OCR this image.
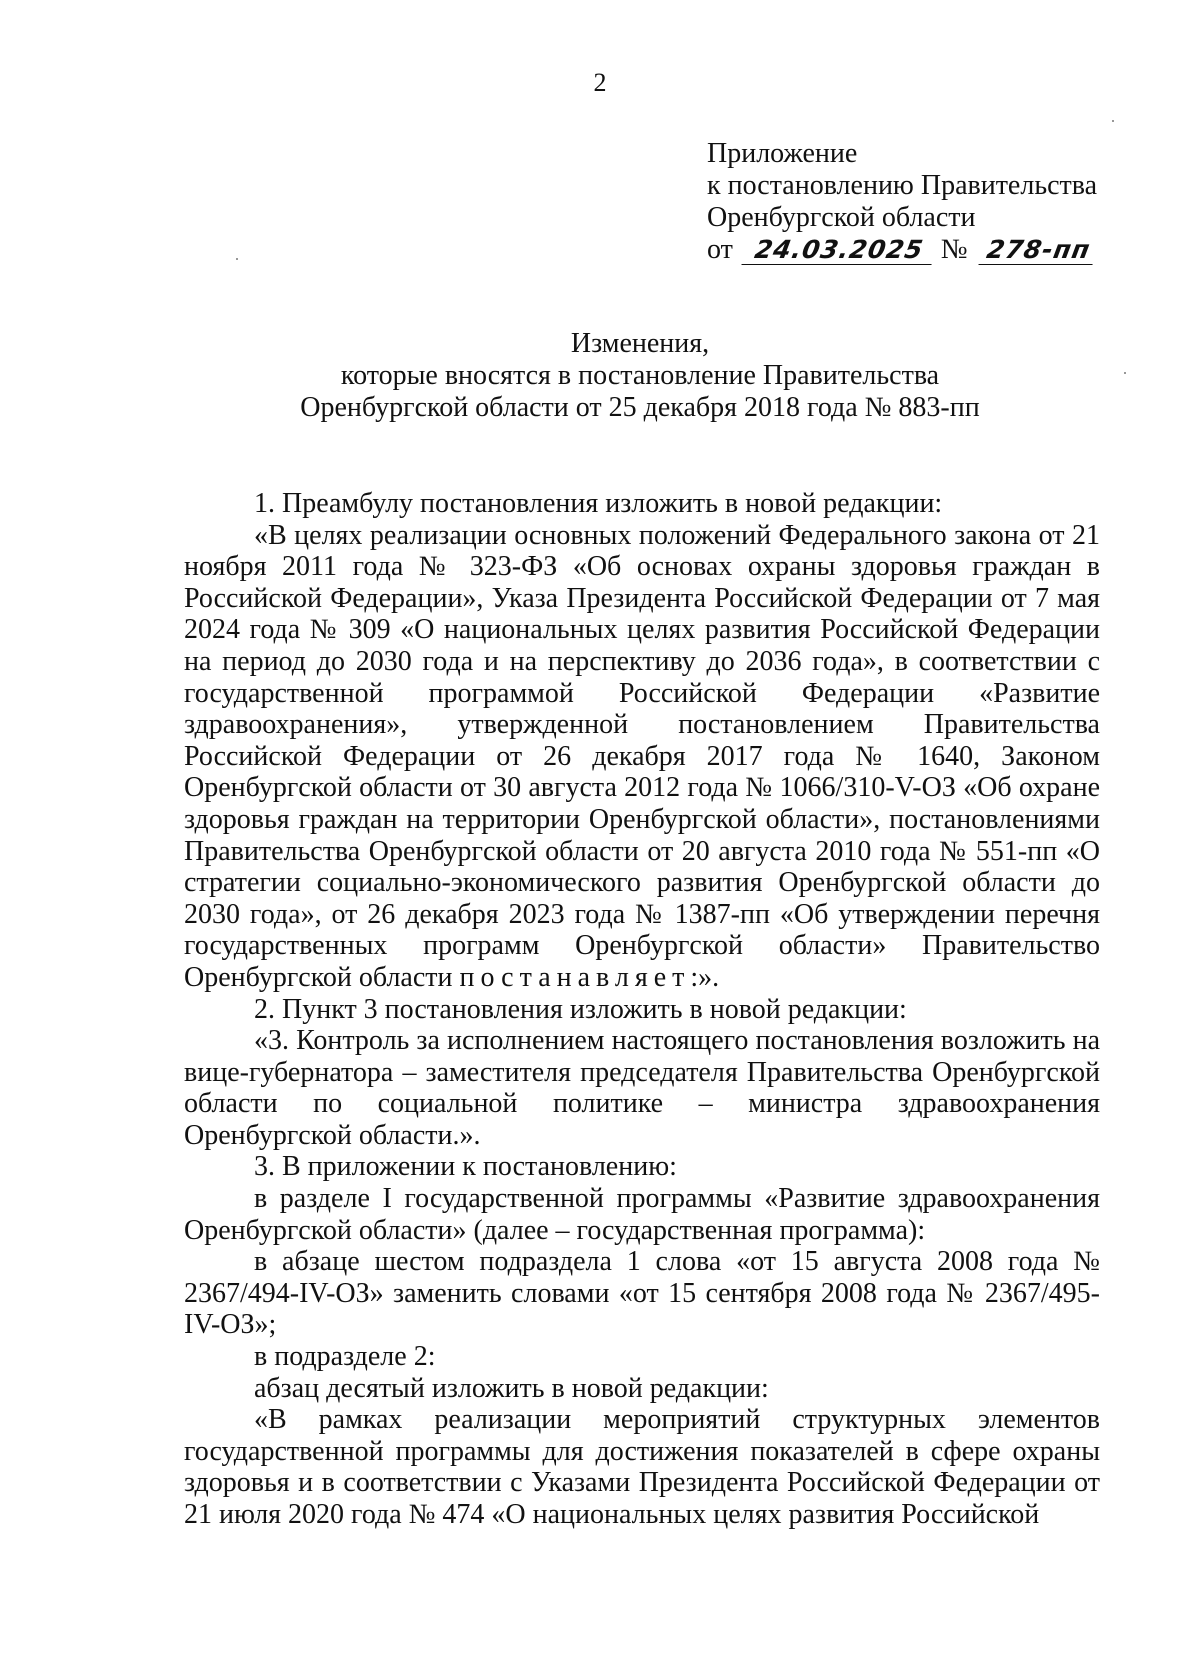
2
Приложение
к постановлению Правительства
Оренбургской области
от 24.03.2025 № 278-пп
Изменения,
которые вносятся в постановление Правительства
Оренбургской области от 25 декабря 2018 года № 883-пп

1. Преамбулу постановления изложить в новой редакции:

«В целях реализации основных положений Федерального закона от 21 ноября 2011 года № 323-ФЗ «Об основах охраны здоровья граждан в Российской Федерации», Указа Президента Российской Федерации от 7 мая 2024 года № 309 «О национальных целях развития Российской Федерации на период до 2030 года и на перспективу до 2036 года», в соответствии с государственной программой Российской Федерации «Развитие здравоохранения», утвержденной постановлением Правительства Российской Федерации от 26 декабря 2017 года № 1640, Законом Оренбургской области от 30 августа 2012 года № 1066/310-V-ОЗ «Об охране здоровья граждан на территории Оренбургской области», постановлениями Правительства Оренбургской области от 20 августа 2010 года № 551-пп «О стратегии социально-экономического развития Оренбургской области до 2030 года», от 26 декабря 2023 года № 1387-пп «Об утверждении перечня государственных программ Оренбургской области» Правительство Оренбургской области постанавляет:».

2. Пункт 3 постановления изложить в новой редакции:

«3. Контроль за исполнением настоящего постановления возложить на вице-губернатора – заместителя председателя Правительства Оренбургской области по социальной политике – министра здравоохранения Оренбургской области.».

3. В приложении к постановлению:

в разделе I государственной программы «Развитие здравоохранения Оренбургской области» (далее – государственная программа):

в абзаце шестом подраздела 1 слова «от 15 августа 2008 года № 2367/494-IV-ОЗ» заменить словами «от 15 сентября 2008 года № 2367/495-IV-ОЗ»;

в подразделе 2:

абзац десятый изложить в новой редакции:

«В рамках реализации мероприятий структурных элементов государственной программы для достижения показателей в сфере охраны здоровья и в соответствии с Указами Президента Российской Федерации от 21 июля 2020 года № 474 «О национальных целях развития Российской
